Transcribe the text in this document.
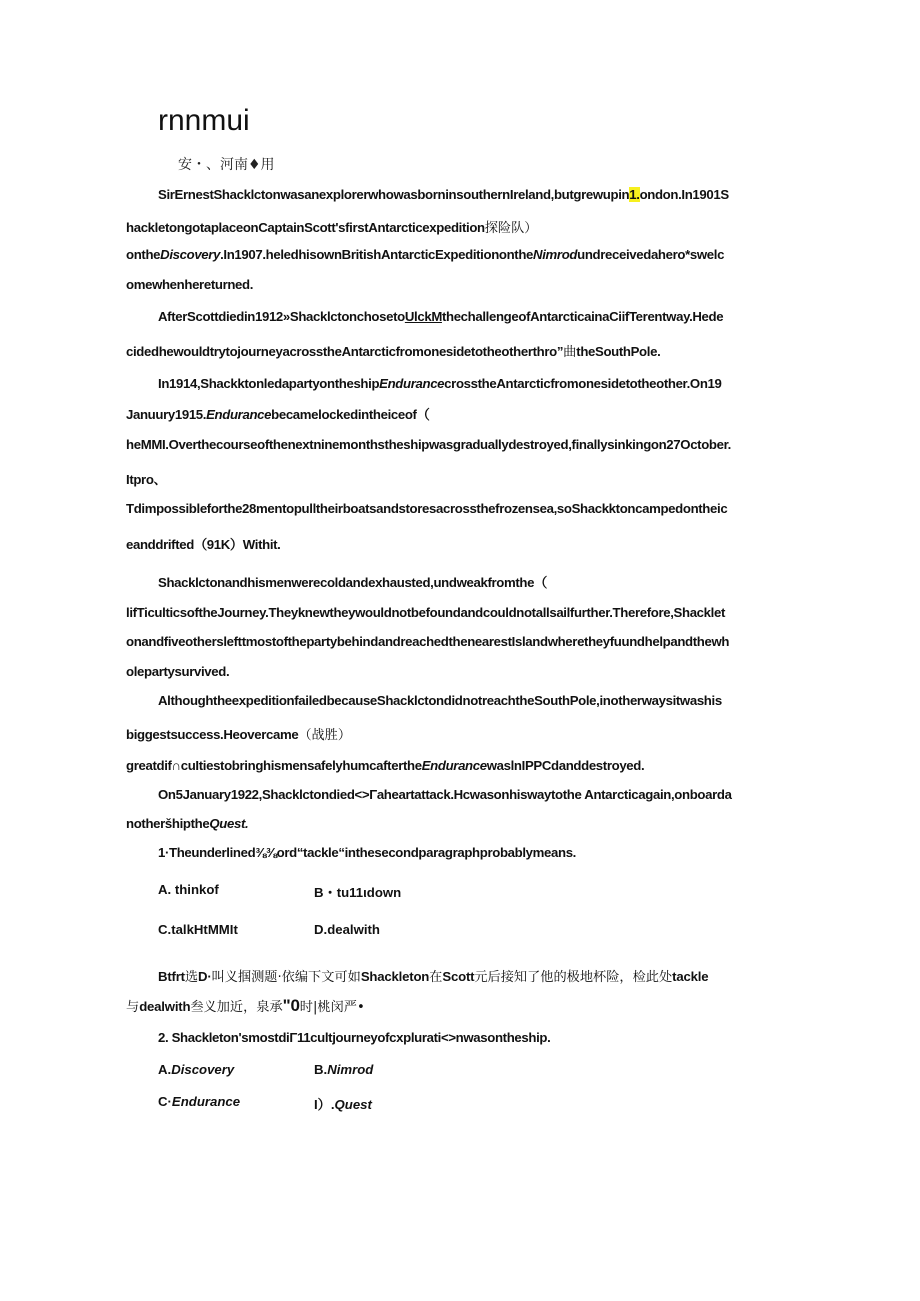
rnnmui
安・、河南♦用
SirErnestShacklctonwasanexplorerwhowasborninsouthernIreland,butgrewupin1.ondon.In1901S
hackletongotaplaceonCaptainScott'sfirstAntarcticexpedition探险队）
ontheDiscovery.In1907.heledhisownBritishAntarcticExpeditionontheNimrodundreceivedahero*swelc
omewhenhereturned.
AfterScottdiedin1912»ShacklctonchosetoUlckMthechallengeofAntarcticainaCiifTerentway.Hede
cidedhewouldtrytojourneyacrosstheAntarcticfromonesidetotheotherthro”曲theSouthPole.
In1914,ShackktonledapartyontheshipEndurancecrosstheAntarcticfromonesidetotheother.On19
Januury1915.Endurancebecamelockedintheiceof（
heMMI.Overthecourseofthenextninemonthstheshipwasgraduallydestroyed,finallysinkingon27October.
Itpro、
Tdimpossibleforthe28mentopulltheirboatsandstoresacrossthefrozensea,soShackktoncampedontheic
eanddrifted（91K）Withit.
Shacklctonandhismenwerecoldandexhausted,undweakfromthe（
lifTiculticsoftheJourney.Theyknewtheywouldnotbefoundandcouldnotallsailfurther.Therefore,Shacklet
onandfiveotherslefttmostofthepartybehindandreachedthenearestIslandwheretheyfuundhelpandthewh
olepartysurvived.
AlthoughtheexpeditionfailedbecauseShacklctondidnotreachtheSouthPole,inotherwaysitwashis
biggestsuccess.Heovercame（战胜）
greatdif∩cuItiestobringhismensafelyhumcaftertheEndurancewaslnIPPCdanddestroyed.
On5January1922,Shacklctondied<>Γaheartattack.Hcwasonhiswaytothe Antarcticagain,onboarda
notheršhiptheQuest.
1·Theunderlined⅜⅜ord“tackle“inthesecondparagraphprobablymeans.
A. thinkof	B・tu11ιdown
C.talkHtMMIt	D.dealwith
Btfrt选D·叫义掴测题·依编下文可如Shackleton在Scott元后接知了他的极地杯险，检此处tackle
与dealwith叁义加近，泉承"0时|桃闵严•
2. Shackleton'smostdiΓ11cultjourneyofcxplurati<>nwasontheship.
A.Discovery	B.Nimrod
C·Endurance	I）.Quest
